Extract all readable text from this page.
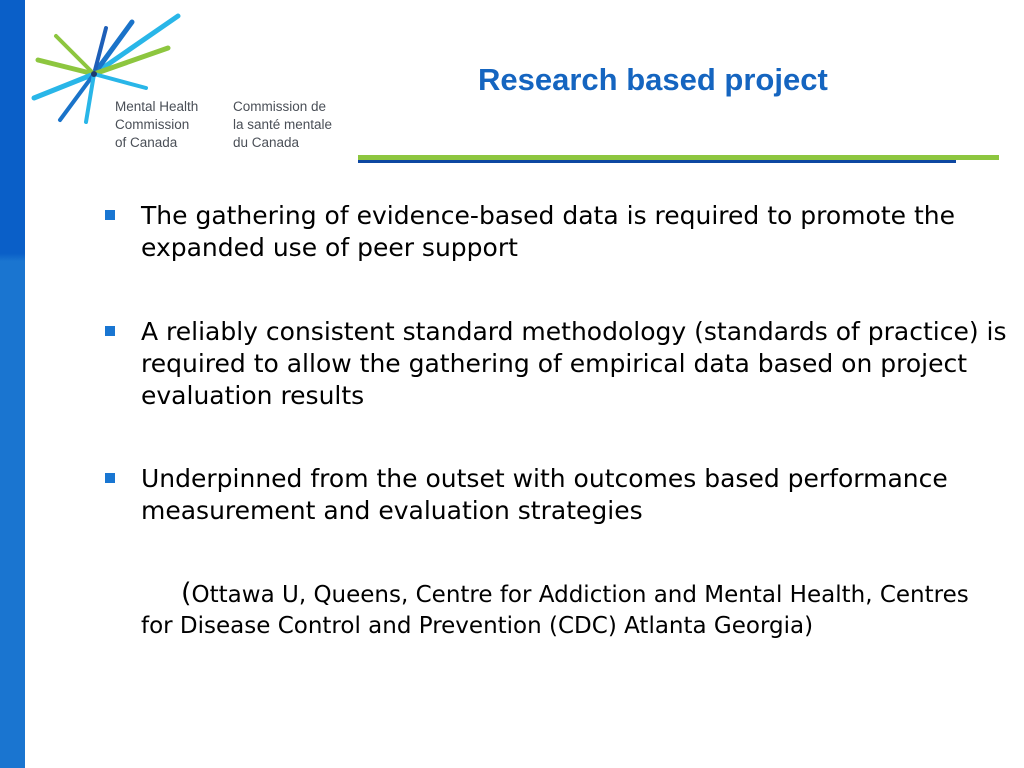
Mental Health
Commission
of Canada
Commission de
la santé mentale
du Canada
Research based project
The gathering of evidence-based data is required to promote the expanded use of peer support
A reliably consistent standard methodology (standards of practice) is required to allow the gathering of empirical data based on project evaluation results
Underpinned from the outset with outcomes based performance measurement and evaluation strategies

(Ottawa U, Queens, Centre for Addiction and Mental Health, Centres for Disease Control and Prevention (CDC) Atlanta Georgia)
